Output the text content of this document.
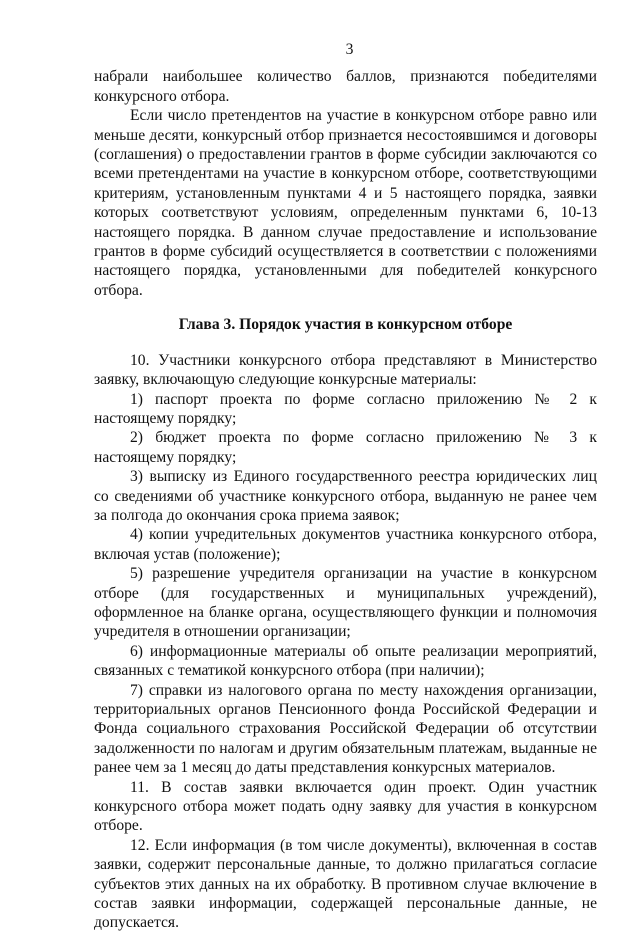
3

набрали наибольшее количество баллов, признаются победителями конкурсного отбора.

Если число претендентов на участие в конкурсном отборе равно или меньше десяти, конкурсный отбор признается несостоявшимся и договоры (соглашения) о предоставлении грантов в форме субсидии заключаются со всеми претендентами на участие в конкурсном отборе, соответствующими критериям, установленным пунктами 4 и 5 настоящего порядка, заявки которых соответствуют условиям, определенным пунктами 6, 10-13 настоящего порядка. В данном случае предоставление и использование грантов в форме субсидий осуществляется в соответствии с положениями настоящего порядка, установленными для победителей конкурсного отбора.

Глава 3. Порядок участия в конкурсном отборе

10. Участники конкурсного отбора представляют в Министерство заявку, включающую следующие конкурсные материалы:

1) паспорт проекта по форме согласно приложению № 2 к настоящему порядку;

2) бюджет проекта по форме согласно приложению № 3 к настоящему порядку;

3) выписку из Единого государственного реестра юридических лиц со сведениями об участнике конкурсного отбора, выданную не ранее чем за полгода до окончания срока приема заявок;

4) копии учредительных документов участника конкурсного отбора, включая устав (положение);

5) разрешение учредителя организации на участие в конкурсном отборе (для государственных и муниципальных учреждений), оформленное на бланке органа, осуществляющего функции и полномочия учредителя в отношении организации;

6) информационные материалы об опыте реализации мероприятий, связанных с тематикой конкурсного отбора (при наличии);

7) справки из налогового органа по месту нахождения организации, территориальных органов Пенсионного фонда Российской Федерации и Фонда социального страхования Российской Федерации об отсутствии задолженности по налогам и другим обязательным платежам, выданные не ранее чем за 1 месяц до даты представления конкурсных материалов.

11. В состав заявки включается один проект. Один участник конкурсного отбора может подать одну заявку для участия в конкурсном отборе.

12. Если информация (в том числе документы), включенная в состав заявки, содержит персональные данные, то должно прилагаться согласие субъектов этих данных на их обработку. В противном случае включение в состав заявки информации, содержащей персональные данные, не допускается.
